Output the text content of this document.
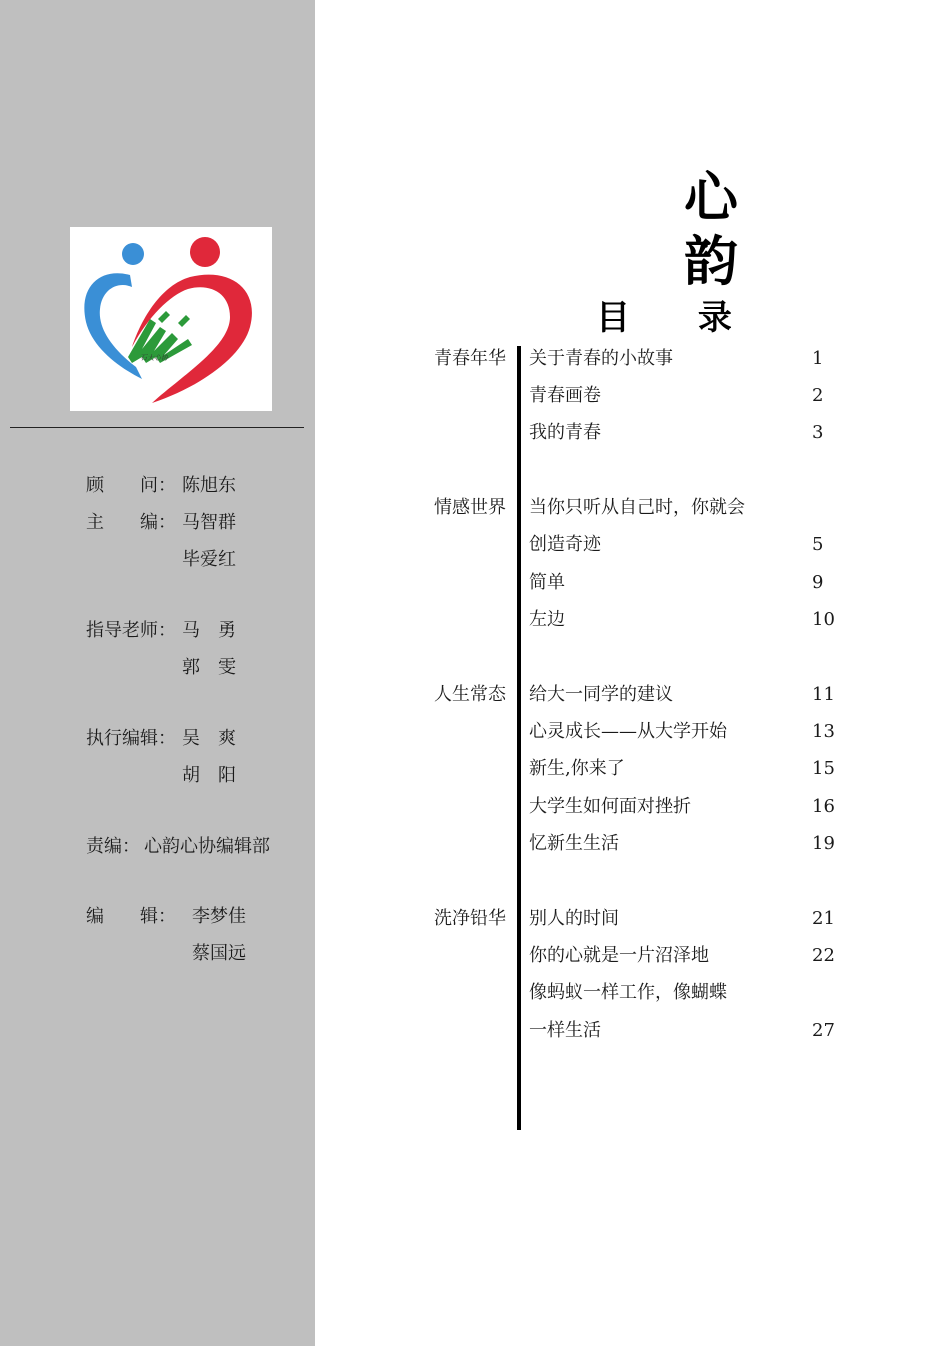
石大心协
顾　　问： 陈旭东
主　　编： 马智群
毕爱红
指导老师： 马　勇
郭　雯
执行编辑： 吴　爽
胡　阳
责编： 心韵心协编辑部
编　　辑： 李梦佳
蔡国远
心 韵
目 录
青春年华 关于青春的小故事	1
青春画卷	2
我的青春	3
情感世界 当你只听从自己时，你就会
创造奇迹	5
简单	9
左边	10
人生常态 给大一同学的建议	11
心灵成长——从大学开始	13
新生,你来了	15
大学生如何面对挫折	16
忆新生生活	19
洗净铅华 别人的时间	21
你的心就是一片沼泽地	22
像蚂蚁一样工作，像蝴蝶
一样生活	27
